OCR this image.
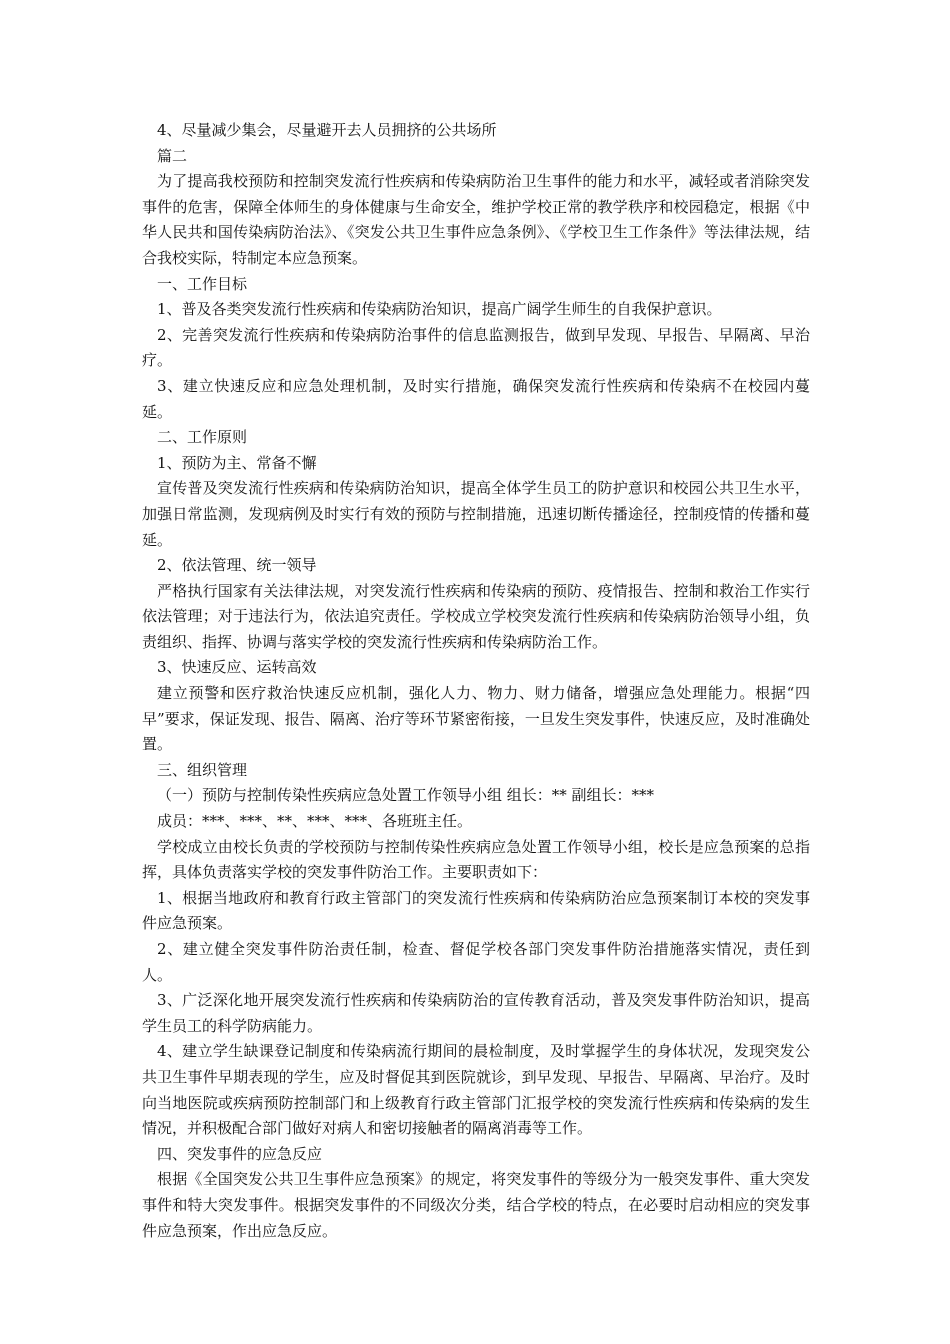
4、尽量减少集会，尽量避开去人员拥挤的公共场所

篇二

为了提高我校预防和控制突发流行性疾病和传染病防治卫生事件的能力和水平，减轻或者消除突发事件的危害，保障全体师生的身体健康与生命安全，维护学校正常的教学秩序和校园稳定，根据《中华人民共和国传染病防治法》、《突发公共卫生事件应急条例》、《学校卫生工作条件》等法律法规，结合我校实际，特制定本应急预案。

一、工作目标

1、普及各类突发流行性疾病和传染病防治知识，提高广阔学生师生的自我保护意识。

2、完善突发流行性疾病和传染病防治事件的信息监测报告，做到早发现、早报告、早隔离、早治疗。

3、建立快速反应和应急处理机制，及时实行措施，确保突发流行性疾病和传染病不在校园内蔓延。

二、工作原则

1、预防为主、常备不懈

宣传普及突发流行性疾病和传染病防治知识，提高全体学生员工的防护意识和校园公共卫生水平，加强日常监测，发现病例及时实行有效的预防与控制措施，迅速切断传播途径，控制疫情的传播和蔓延。

2、依法管理、统一领导

严格执行国家有关法律法规，对突发流行性疾病和传染病的预防、疫情报告、控制和救治工作实行依法管理；对于违法行为，依法追究责任。学校成立学校突发流行性疾病和传染病防治领导小组，负责组织、指挥、协调与落实学校的突发流行性疾病和传染病防治工作。

3、快速反应、运转高效

建立预警和医疗救治快速反应机制，强化人力、物力、财力储备，增强应急处理能力。根据“四早”要求，保证发现、报告、隔离、治疗等环节紧密衔接，一旦发生突发事件，快速反应，及时准确处置。

三、组织管理

（一）预防与控制传染性疾病应急处置工作领导小组 组长：** 副组长：***

成员：***、***、**、***、***、各班班主任。

学校成立由校长负责的学校预防与控制传染性疾病应急处置工作领导小组，校长是应急预案的总指挥，具体负责落实学校的突发事件防治工作。主要职责如下：

1、根据当地政府和教育行政主管部门的突发流行性疾病和传染病防治应急预案制订本校的突发事件应急预案。

2、建立健全突发事件防治责任制，检查、督促学校各部门突发事件防治措施落实情况，责任到人。

3、广泛深化地开展突发流行性疾病和传染病防治的宣传教育活动，普及突发事件防治知识，提高学生员工的科学防病能力。

4、建立学生缺课登记制度和传染病流行期间的晨检制度，及时掌握学生的身体状况，发现突发公共卫生事件早期表现的学生，应及时督促其到医院就诊，到早发现、早报告、早隔离、早治疗。及时向当地医院或疾病预防控制部门和上级教育行政主管部门汇报学校的突发流行性疾病和传染病的发生情况，并积极配合部门做好对病人和密切接触者的隔离消毒等工作。

四、突发事件的应急反应

根据《全国突发公共卫生事件应急预案》的规定，将突发事件的等级分为一般突发事件、重大突发事件和特大突发事件。根据突发事件的不同级次分类，结合学校的特点，在必要时启动相应的突发事件应急预案，作出应急反应。
